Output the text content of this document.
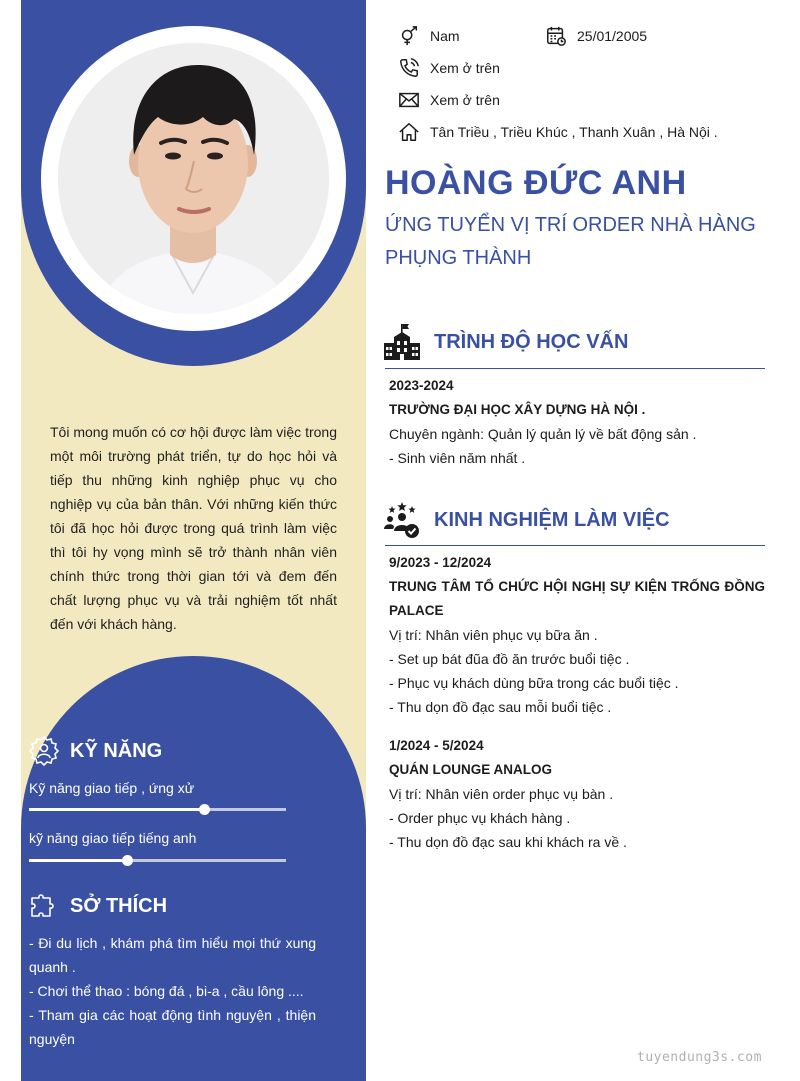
Tôi mong muốn có cơ hội được làm việc trong một môi trường phát triển, tự do học hỏi và tiếp thu những kinh nghiệp phục vụ cho nghiệp vụ của bản thân. Với những kiến thức tôi đã học hỏi được trong quá trình làm việc thì tôi hy vọng mình sẽ trở thành nhân viên chính thức trong thời gian tới và đem đến chất lượng phục vụ và trải nghiệm tốt nhất đến với khách hàng.

KỸ NĂNG
Kỹ năng giao tiếp , ứng xử
kỹ năng giao tiếp tiếng anh
SỞ THÍCH

- Đi du lịch , khám phá tìm hiểu mọi thứ xung quanh .

- Chơi thể thao : bóng đá , bi-a , cầu lông ....

- Tham gia các hoạt động tình nguyện , thiện nguyện

Nam	25/01/2005
Xem ở trên
Xem ở trên
Tân Triều , Triều Khúc , Thanh Xuân , Hà Nội .
HOÀNG ĐỨC ANH
ỨNG TUYỂN VỊ TRÍ ORDER NHÀ HÀNG PHỤNG THÀNH
TRÌNH ĐỘ HỌC VẤN
2023-2024
TRƯỜNG ĐẠI HỌC XÂY DỰNG HÀ NỘI .
Chuyên ngành: Quản lý quản lý về bất động sản .
- Sinh viên năm nhất .
KINH NGHIỆM LÀM VIỆC
9/2023 - 12/2024
TRUNG TÂM TỔ CHỨC HỘI NGHỊ SỰ KIỆN TRỐNG ĐỒNG PALACE
Vị trí: Nhân viên phục vụ bữa ăn .
- Set up bát đũa đồ ăn trước buổi tiệc .
- Phục vụ khách dùng bữa trong các buổi tiệc .
- Thu dọn đồ đạc sau mỗi buổi tiệc .
1/2024 - 5/2024
QUÁN LOUNGE ANALOG
Vị trí: Nhân viên order phục vụ bàn .
- Order phục vụ khách hàng .
- Thu dọn đồ đạc sau khi khách ra về .
tuyendung3s.com
